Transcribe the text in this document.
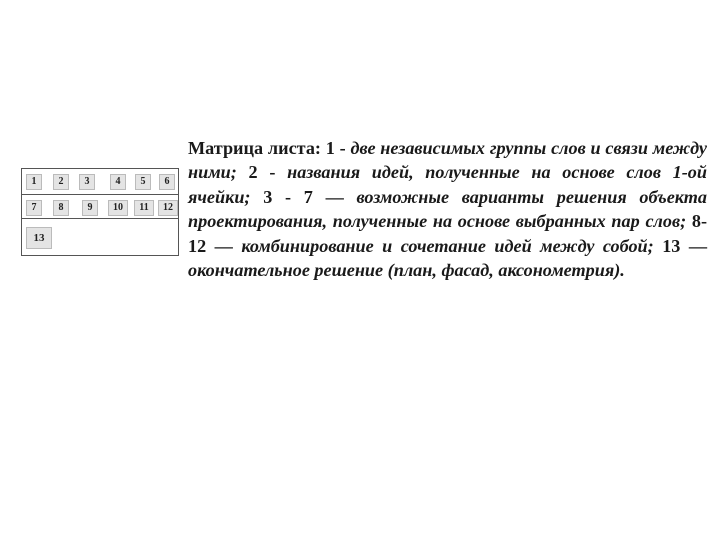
1	2	3	4	5	6
7	8	9	10	11	12
13
Матрица листа: 1 - две независимых группы слов и связи между ними; 2 - названия идей, полученные на основе слов 1-ой ячейки; 3 - 7 — возможные варианты решения объекта проектирования, полученные на основе выбранных пар слов; 8-12 — комбинирование и сочетание идей между собой; 13 — окончательное решение (план, фасад, аксонометрия).
